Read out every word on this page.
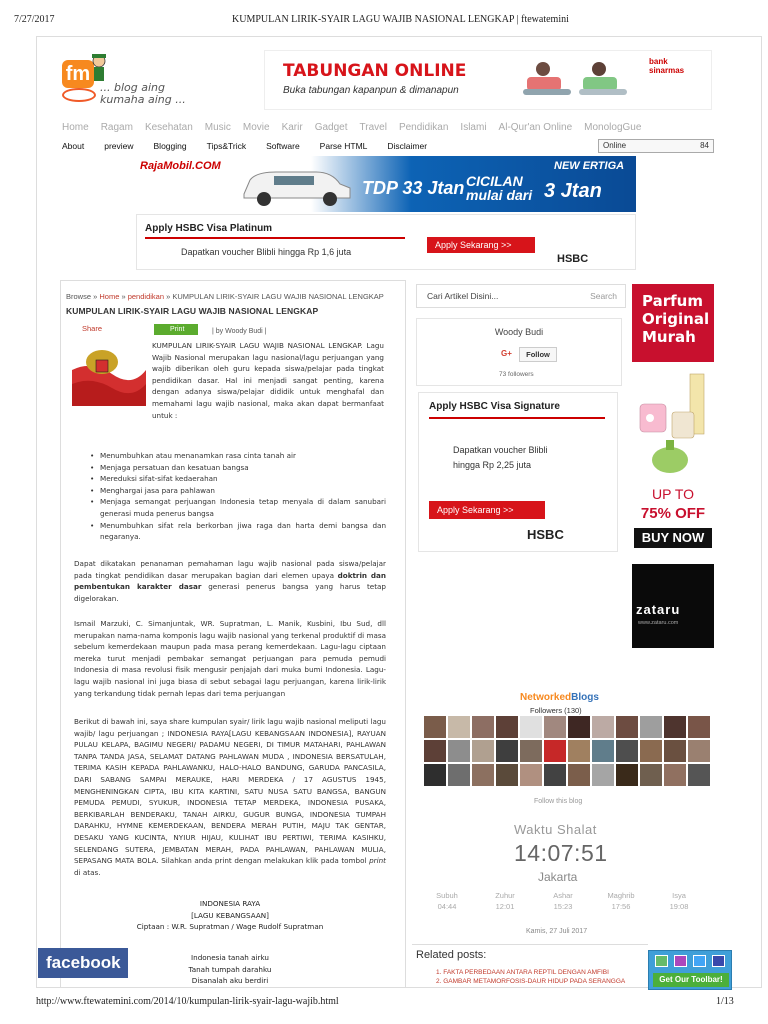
7/27/2017	KUMPULAN LIRIK-SYAIR LAGU WAJIB NASIONAL LENGKAP | ftewatemini
fm
... blog aing
kumaha aing ...
TABUNGAN ONLINE
Buka tabungan kapanpun & dimanapun
bank
sinarmas
Home Ragam Kesehatan Music Movie Karir Gadget Travel Pendidikan Islami Al-Qur'an Online MonologGue
About preview Blogging Tips&Trick Software Parse HTML Disclaimer	Online	84
RajaMobil.COM
TDP 33 Jtan CICILAN
mulai dari
NEW ERTIGA
3 Jtan
Apply HSBC Visa Platinum
Dapatkan voucher Blibli hingga Rp 1,6 juta
Apply Sekarang >>
HSBC
Browse » Home » pendidikan » KUMPULAN LIRIK-SYAIR LAGU WAJIB NASIONAL LENGKAP
KUMPULAN LIRIK-SYAIR LAGU WAJIB NASIONAL LENGKAP
Share	Print	| by Woody Budi |
KUMPULAN LIRIK-SYAIR LAGU WAJIB NASIONAL LENGKAP. Lagu Wajib Nasional merupakan lagu nasional/lagu perjuangan yang wajib diberikan oleh guru kepada siswa/pelajar pada tingkat pendidikan dasar. Hal ini menjadi sangat penting, karena dengan adanya siswa/pelajar dididik untuk menghafal dan memahami lagu wajib nasional, maka akan dapat bermanfaat untuk :
• Menumbuhkan atau menanamkan rasa cinta tanah air
• Menjaga persatuan dan kesatuan bangsa
• Mereduksi sifat-sifat kedaerahan
• Menghargai jasa para pahlawan
• Menjaga semangat perjuangan Indonesia tetap menyala di dalam sanubari generasi muda penerus bangsa
• Menumbuhkan sifat rela berkorban jiwa raga dan harta demi bangsa dan negaranya.
Dapat dikatakan penanaman pemahaman lagu wajib nasional pada siswa/pelajar pada tingkat pendidikan dasar merupakan bagian dari elemen upaya doktrin dan pembentukan karakter dasar generasi penerus bangsa yang harus tetap digelorakan.
Ismail Marzuki, C. Simanjuntak, WR. Supratman, L. Manik, Kusbini, Ibu Sud, dll merupakan nama-nama komponis lagu wajib nasional yang terkenal produktif di masa sebelum kemerdekaan maupun pada masa perang kemerdekaan. Lagu-lagu ciptaan mereka turut menjadi pembakar semangat perjuangan para pemuda pemudi Indonesia di masa revolusi fisik mengusir penjajah dari muka bumi Indonesia. Lagu-lagu wajib nasional ini juga biasa di sebut sebagai lagu perjuangan, karena lirik-lirik yang terkandung tidak pernah lepas dari tema perjuangan
Berikut di bawah ini, saya share kumpulan syair/ lirik lagu wajib nasional meliputi lagu wajib/ lagu perjuangan ; INDONESIA RAYA[LAGU KEBANGSAAN INDONESIA], RAYUAN PULAU KELAPA, BAGIMU NEGERI/ PADAMU NEGERI, DI TIMUR MATAHARI, PAHLAWAN TANPA TANDA JASA, SELAMAT DATANG PAHLAWAN MUDA , INDONESIA BERSATULAH, TERIMA KASIH KEPADA PAHLAWANKU, HALO-HALO BANDUNG, GARUDA PANCASILA, DARI SABANG SAMPAI MERAUKE, HARI MERDEKA / 17 AGUSTUS 1945, MENGHENINGKAN CIPTA, IBU KITA KARTINI, SATU NUSA SATU BANGSA, BANGUN PEMUDA PEMUDI, SYUKUR, INDONESIA TETAP MERDEKA, INDONESIA PUSAKA, BERKIBARLAH BENDERAKU, TANAH AIRKU, GUGUR BUNGA, INDONESIA TUMPAH DARAHKU, HYMNE KEMERDEKAAN, BENDERA MERAH PUTIH, MAJU TAK GENTAR, DESAKU YANG KUCINTA, NYIUR HIJAU, KULIHAT IBU PERTIWI, TERIMA KASIHKU, SELENDANG SUTERA, JEMBATAN MERAH, PADA PAHLAWAN, PAHLAWAN MULIA, SEPASANG MATA BOLA. Silahkan anda print dengan melakukan klik pada tombol print di atas.
INDONESIA RAYA
[LAGU KEBANGSAAN]
Ciptaan : W.R. Supratman / Wage Rudolf Supratman
Indonesia tanah airku
Tanah tumpah darahku
Disanalah aku berdiri
facebook
Cari Artikel Disini...	Search
Woody Budi
G+	Follow
73 followers
Apply HSBC Visa Signature
Dapatkan voucher Blibli
hingga Rp 2,25 juta
Apply Sekarang >>
HSBC
NetworkedBlogs
Followers (130)
Follow this blog
Waktu Shalat
14:07:51
Jakarta
Subuh
04:44
Zuhur
12:01
Ashar
15:23
Maghrib
17:56
Isya
19:08
Kamis, 27 Juli 2017
Related posts:
1. FAKTA PERBEDAAN ANTARA REPTIL DENGAN AMFIBI
2. GAMBAR METAMORFOSIS-DAUR HIDUP PADA SERANGGA	Get Our Toolbar!
Parfum
Original
Murah
UP TO
75% OFF
BUY NOW
zataru
www.zataru.com
http://www.ftewatemini.com/2014/10/kumpulan-lirik-syair-lagu-wajib.html	1/13
